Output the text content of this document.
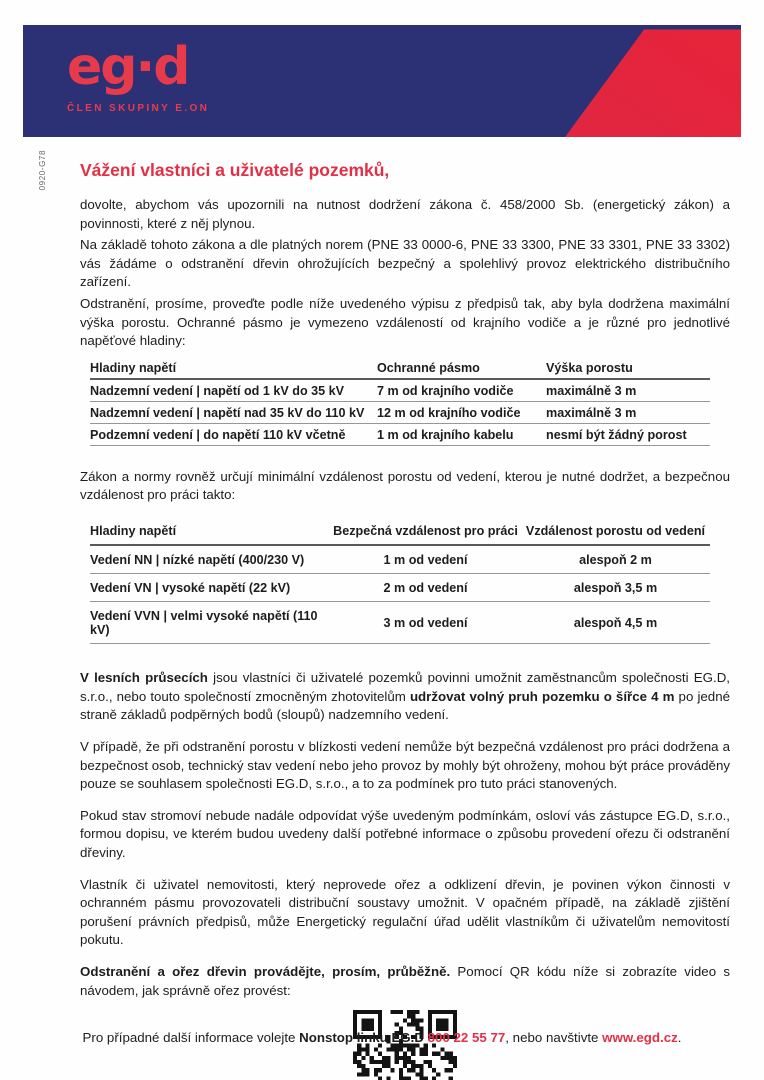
eg·d
ČLEN SKUPINY E.ON
0920-G78 Vážení vlastníci a uživatelé pozemků,

dovolte, abychom vás upozornili na nutnost dodržení zákona č. 458/2000 Sb. (energetický zákon) a povinnosti, které z něj plynou.

Na základě tohoto zákona a dle platných norem (PNE 33 0000-6, PNE 33 3300, PNE 33 3301, PNE 33 3302) vás žádáme o odstranění dřevin ohrožujících bezpečný a spolehlivý provoz elektrického distribučního zařízení.

Odstranění, prosíme, proveďte podle níže uvedeného výpisu z předpisů tak, aby byla dodržena maximální výška porostu. Ochranné pásmo je vymezeno vzdáleností od krajního vodiče a je různé pro jednotlivé napěťové hladiny:

Hladiny napětí	Ochranné pásmo	Výška porostu
Nadzemní vedení | napětí od 1 kV do 35 kV	7 m od krajního vodiče	maximálně 3 m
Nadzemní vedení | napětí nad 35 kV do 110 kV	12 m od krajního vodiče	maximálně 3 m
Podzemní vedení | do napětí 110 kV včetně	1 m od krajního kabelu	nesmí být žádný porost

Zákon a normy rovněž určují minimální vzdálenost porostu od vedení, kterou je nutné dodržet, a bezpečnou vzdálenost pro práci takto:

Hladiny napětí	Bezpečná vzdálenost pro práci	Vzdálenost porostu od vedení
Vedení NN | nízké napětí (400/230 V)	1 m od vedení	alespoň 2 m
Vedení VN | vysoké napětí (22 kV)	2 m od vedení	alespoň 3,5 m
Vedení VVN | velmi vysoké napětí (110 kV)	3 m od vedení	alespoň 4,5 m

V lesních průsecích jsou vlastníci či uživatelé pozemků povinni umožnit zaměstnancům společnosti EG.D, s.r.o., nebo touto společností zmocněným zhotovitelům udržovat volný pruh pozemku o šířce 4 m po jedné straně základů podpěrných bodů (sloupů) nadzemního vedení.

V případě, že při odstranění porostu v blízkosti vedení nemůže být bezpečná vzdálenost pro práci dodržena a bezpečnost osob, technický stav vedení nebo jeho provoz by mohly být ohroženy, mohou být práce prováděny pouze se souhlasem společnosti EG.D, s.r.o., a to za podmínek pro tuto práci stanovených.

Pokud stav stromoví nebude nadále odpovídat výše uvedeným podmínkám, osloví vás zástupce EG.D, s.r.o., formou dopisu, ve kterém budou uvedeny další potřebné informace o způsobu provedení ořezu či odstranění dřeviny.

Vlastník či uživatel nemovitosti, který neprovede ořez a odklizení dřevin, je povinen výkon činnosti v ochranném pásmu provozovateli distribuční soustavy umožnit. V opačném případě, na základě zjištění porušení právních předpisů, může Energetický regulační úřad udělit vlastníkům či uživatelům nemovitostí pokutu.

Odstranění a ořez dřevin provádějte, prosím, průběžně. Pomocí QR kódu níže si zobrazíte video s návodem, jak správně ořez provést:

Pro případné další informace volejte Nonstop linku EG.D 800 22 55 77, nebo navštivte www.egd.cz.
